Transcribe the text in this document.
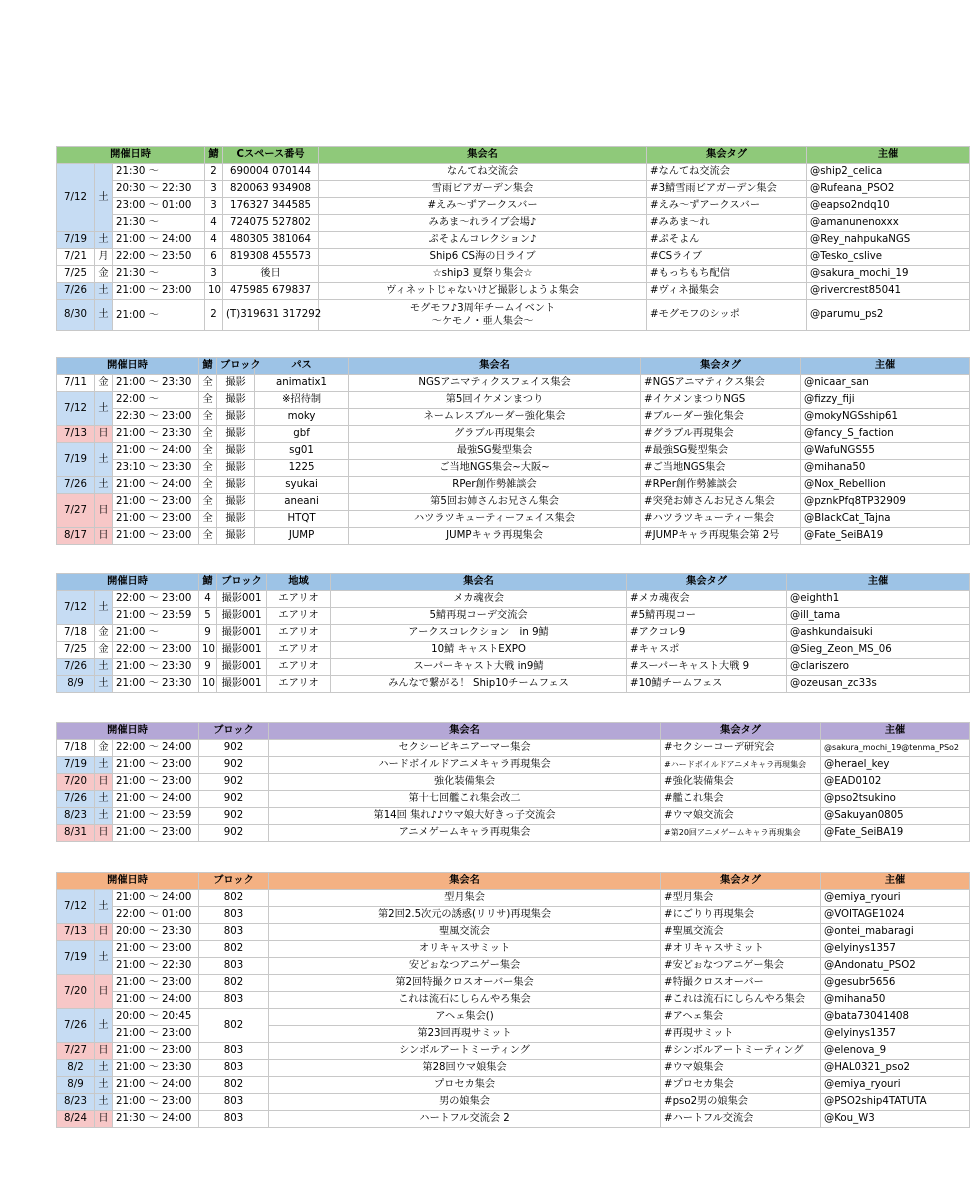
開催日時			鯖	Cスペース番号	集会名	集会タグ	主催
7/12	土	21:30 ～	2	690004 070144	なんてね交流会	#なんてね交流会	@ship2_celica
		20:30 ～ 22:30	3	820063 934908	雪雨ビアガーデン集会	#3鯖雪雨ビアガーデン集会	@Rufeana_PSO2
		23:00 ～ 01:00	3	176327 344585	#えみ～ずアークスバー	#えみ～ずアークスバー	@eapso2ndq10
		21:30 ～	4	724075 527802	みあま～れライブ会場♪	#みあま～れ	@amanunenoxxx
7/19	土	21:00 ～ 24:00	4	480305 381064	ぷそよんコレクション♪	#ぷそよん	@Rey_nahpukaNGS
7/21	月	22:00 ～ 23:50	6	819308 455573	Ship6 CS海の日ライブ	#CSライブ	@Tesko_cslive
7/25	金	21:30 ～	3	後日	☆ship3 夏祭り集会☆	#もっちもち配信	@sakura_mochi_19
7/26	土	21:00 ～ 23:00	10	475985 679837	ヴィネットじゃないけど撮影しようよ集会	#ヴィネ撮集会	@rivercrest85041
8/30	土	21:00 ～	2	(T)319631 317292	モグモフ♪3周年チームイベント
～ケモノ・亜人集会～	#モグモフのシッポ	@parumu_ps2
開催日時			鯖	ブロック	パス	集会名	集会タグ	主催
7/11	金	21:00 ～ 23:30	全	撮影	animatix1	NGSアニマティクスフェイス集会	#NGSアニマティクス集会	@nicaar_san
7/12	土	22:00 ～	全	撮影	※招待制	第5回イケメンまつり	#イケメンまつりNGS	@fizzy_fiji
		22:30 ～ 23:00	全	撮影	moky	ネームレスブルーダー強化集会	#ブルーダー強化集会	@mokyNGSship61
7/13	日	21:00 ～ 23:30	全	撮影	gbf	グラブル再現集会	#グラブル再現集会	@fancy_S_faction
7/19	土	21:00 ～ 24:00	全	撮影	sg01	最強SG髪型集会	#最強SG髪型集会	@WafuNGS55
		23:10 ～ 23:30	全	撮影	1225	ご当地NGS集会~大阪~	#ご当地NGS集会	@mihana50
7/26	土	21:00 ～ 24:00	全	撮影	syukai	RPer創作勢雑談会	#RPer創作勢雑談会	@Nox_Rebellion
7/27	日	21:00 ～ 23:00	全	撮影	aneani	第5回お姉さんお兄さん集会	#突発お姉さんお兄さん集会	@pznkPfq8TP32909
		21:00 ～ 23:00	全	撮影	HTQT	ハツラツキューティーフェイス集会	#ハツラツキューティー集会	@BlackCat_Tajna
8/17	日	21:00 ～ 23:00	全	撮影	JUMP	JUMPキャラ再現集会	#JUMPキャラ再現集会第 2号	@Fate_SeiBA19
開催日時			鯖	ブロック	地域	集会名	集会タグ	主催
7/12	土	22:00 ～ 23:00	4	撮影001	エアリオ	メカ魂夜会	#メカ魂夜会	@eighth1
		21:00 ～ 23:59	5	撮影001	エアリオ	5鯖再現コーデ交流会	#5鯖再現コー	@ill_tama
7/18	金	21:00 ～	9	撮影001	エアリオ	アークスコレクション　in 9鯖	#アクコレ9	@ashkundaisuki
7/25	金	22:00 ～ 23:00	10	撮影001	エアリオ	10鯖 キャストEXPO	#キャスポ	@Sieg_Zeon_MS_06
7/26	土	21:00 ～ 23:30	9	撮影001	エアリオ	スーパーキャスト大戦 in9鯖	#スーパーキャスト大戦 9	@clariszero
8/9	土	21:00 ～ 23:30	10	撮影001	エアリオ	みんなで繋がる！ Ship10チームフェス	#10鯖チームフェス	@ozeusan_zc33s
開催日時			ブロック	集会名	集会タグ	主催
7/18	金	22:00 ～ 24:00	902	セクシービキニアーマー集会	#セクシーコーデ研究会	@sakura_mochi_19@tenma_PSo2
7/19	土	21:00 ～ 23:00	902	ハードボイルドアニメキャラ再現集会	#ハードボイルドアニメキャラ再現集会	@herael_key
7/20	日	21:00 ～ 23:00	902	強化装備集会	#強化装備集会	@EAD0102
7/26	土	21:00 ～ 24:00	902	第十七回艦これ集会改二	#艦これ集会	@pso2tsukino
8/23	土	21:00 ～ 23:59	902	第14回 集れ♪♪ウマ娘大好きっ子交流会	#ウマ娘交流会	@Sakuyan0805
8/31	日	21:00 ～ 23:00	902	アニメゲームキャラ再現集会	#第20回アニメゲームキャラ再現集会	@Fate_SeiBA19
開催日時			ブロック	集会名	集会タグ	主催
7/12	土	21:00 ～ 24:00	802	型月集会	#型月集会	@emiya_ryouri
		22:00 ～ 01:00	803	第2回2.5次元の誘惑(リリサ)再現集会	#にごりり再現集会	@VOITAGE1024
7/13	日	20:00 ～ 23:30	803	聖風交流会	#聖風交流会	@ontei_mabaragi
7/19	土	21:00 ～ 23:00	802	オリキャスサミット	#オリキャスサミット	@elyinys1357
		21:00 ～ 22:30	803	安どぉなつアニゲー集会	#安どぉなつアニゲー集会	@Andonatu_PSO2
7/20	日	21:00 ～ 23:00	802	第2回特撮クロスオーバー集会	#特撮クロスオーバー	@gesubr5656
		21:00 ～ 24:00	803	これは流石にしらんやろ集会	#これは流石にしらんやろ集会	@mihana50
7/26	土	20:00 ～ 20:45	802	アヘェ集会()	#アヘェ集会	@bata73041408
		21:00 ～ 23:00		第23回再現サミット	#再現サミット	@elyinys1357
7/27	日	21:00 ～ 23:00	803	シンボルアートミーティング	#シンボルアートミーティング	@elenova_9
8/2	土	21:00 ～ 23:30	803	第28回ウマ娘集会	#ウマ娘集会	@HAL0321_pso2
8/9	土	21:00 ～ 24:00	802	プロセカ集会	#プロセカ集会	@emiya_ryouri
8/23	土	21:00 ～ 23:00	803	男の娘集会	#pso2男の娘集会	@PSO2ship4TATUTA
8/24	日	21:30 ～ 24:00	803	ハートフル交流会 2	#ハートフル交流会	@Kou_W3
